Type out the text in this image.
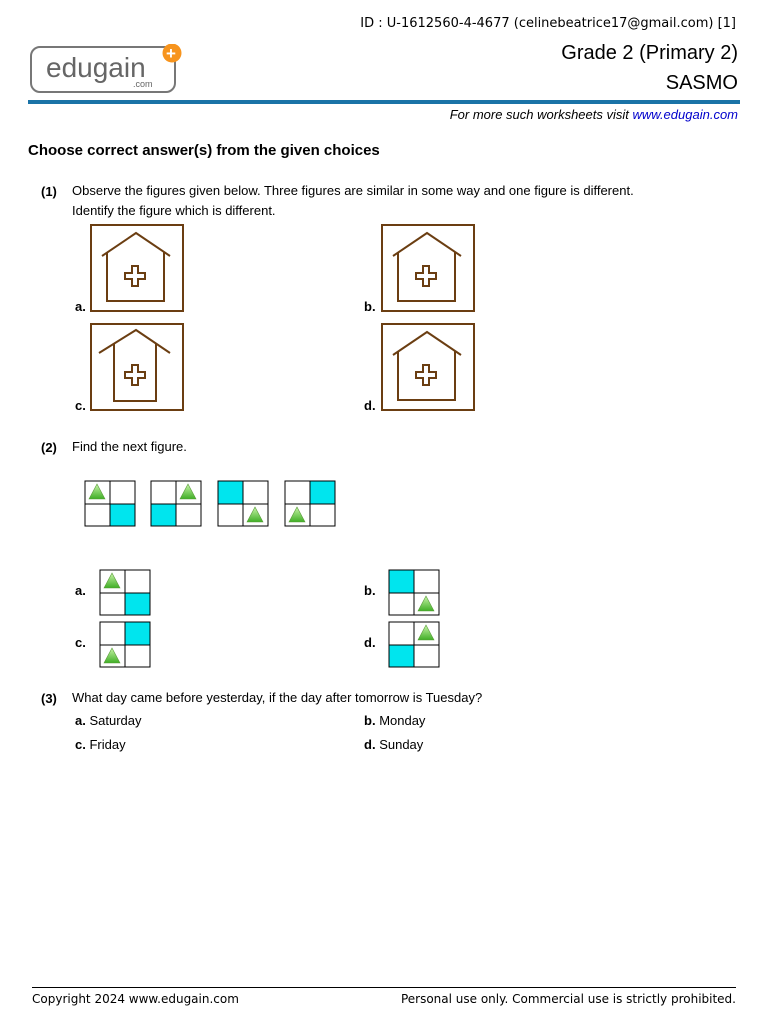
ID : U-1612560-4-4677 (celinebeatrice17@gmail.com) [1]
edugain
.com
+	Grade 2 (Primary 2)
SASMO
For more such worksheets visit www.edugain.com
Choose correct answer(s) from the given choices
(1) Observe the figures given below. Three figures are similar in some way and one figure is different.
Identify the figure which is different.
a.	b.
c.	d.
(2) Find the next figure.
a.	b.
c.	d.
(3) What day came before yesterday, if the day after tomorrow is Tuesday?
a. Saturday	b. Monday
c. Friday	d. Sunday
Copyright 2024 www.edugain.com	Personal use only. Commercial use is strictly prohibited.
